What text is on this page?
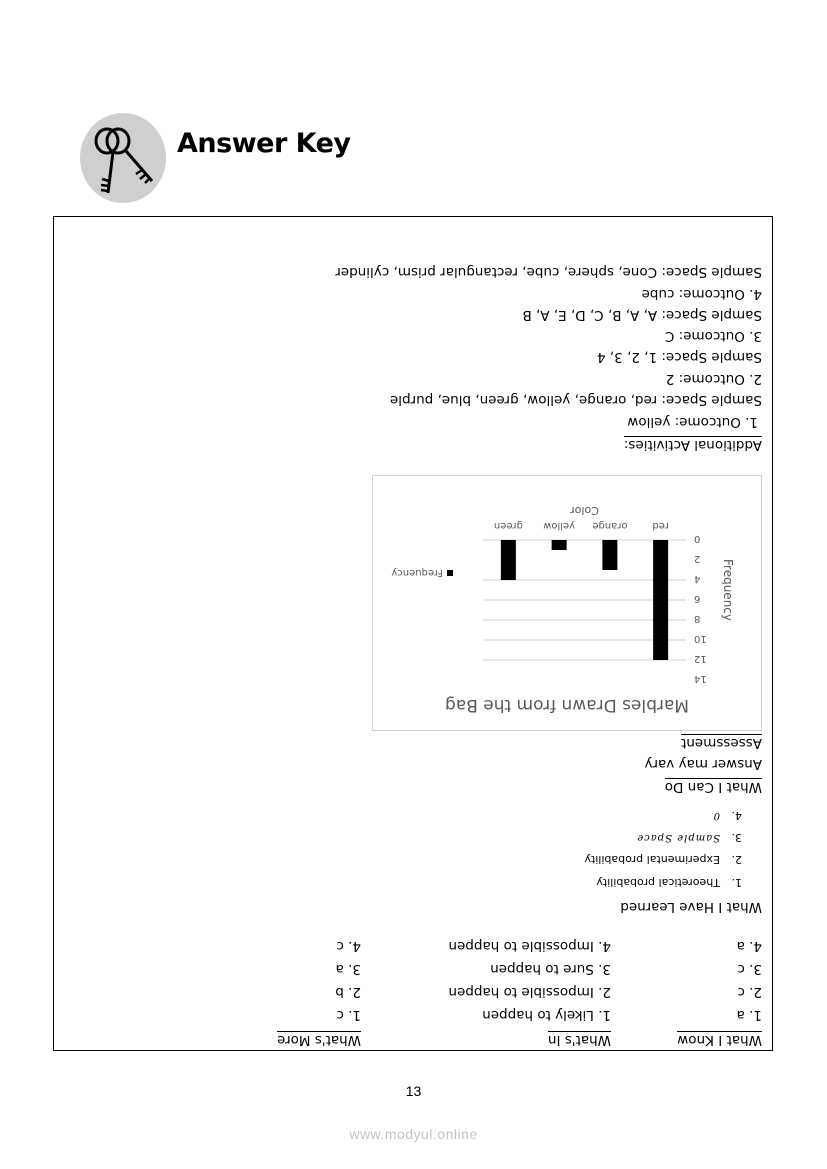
Answer Key
What I Know
1. a
2. c
3. c
4. a
What's In
1. Likely to happen
2. Impossible to happen
3. Sure to happen
4. Impossible to happen
What's More
1. c
2. b
3. a
4. c
What I Have Learned
1.
Theoretical probability
2.
Experimental probability
3.
Sample Space
4.
0
What I Can Do
Answer may vary
Assessment
Marbles Drawn from the Bag
0
2
4
6
8
10
12
14
Frequency
red
orange
yellow
green
Color
Frequency
Additional Activities:
1. Outcome: yellow
Sample Space: red, orange, yellow, green, blue, purple
2. Outcome: 2
Sample Space: 1, 2, 3, 4
3. Outcome: C
Sample Space: A, A, B, C, D, E, A, B
4. Outcome: cube
Sample Space: Cone, sphere, cube, rectangular prism, cylinder
13
www.modyul.online
